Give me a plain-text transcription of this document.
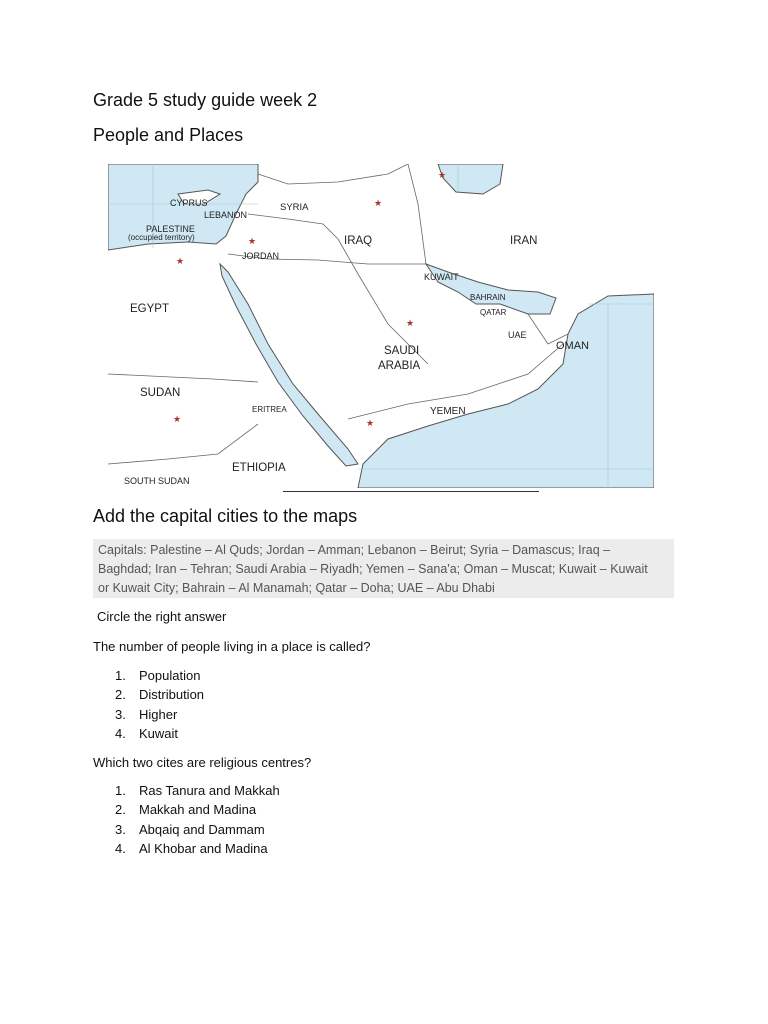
Grade 5 study guide week 2
People and Places
★
★
★
★
★
★
★
CYPRUS
LEBANON
PALESTINE
(occupied territory)
SYRIA
IRAQ	IRAN
JORDAN
KUWAIT
BAHRAIN
QATAR
UAE
OMAN
EGYPT
SAUDI
ARABIA
SUDAN
ERITREA	YEMEN
ETHIOPIA
SOUTH SUDAN
Add the capital cities to the maps
Capitals: Palestine – Al Quds; Jordan – Amman; Lebanon – Beirut; Syria – Damascus; Iraq –
Baghdad; Iran – Tehran; Saudi Arabia – Riyadh; Yemen – Sana'a; Oman – Muscat; Kuwait – Kuwait
or Kuwait City; Bahrain – Al Manamah; Qatar – Doha; UAE – Abu Dhabi

Circle the right answer

The number of people living in a place is called?

1. Population
2. Distribution
3. Higher
4. Kuwait

Which two cites are religious centres?

1. Ras Tanura and Makkah
2. Makkah and Madina
3. Abqaiq and Dammam
4. Al Khobar and Madina
